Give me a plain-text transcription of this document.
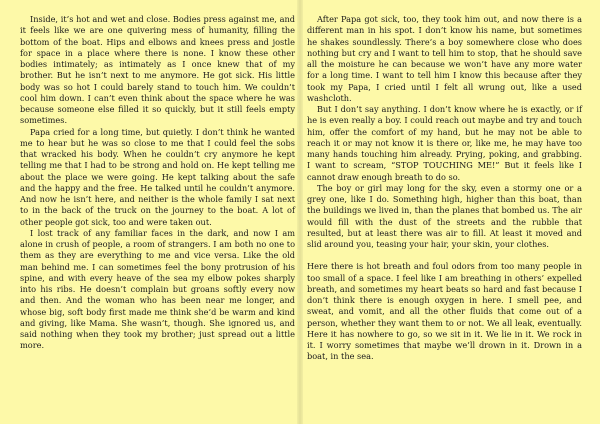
Inside, it’s hot and wet and close. Bodies press against me, and it feels like we are one quivering mess of humanity, filling the bottom of the boat. Hips and elbows and knees press and jostle for space in a place where there is none. I know these other bodies intimately; as intimately as I once knew that of my brother. But he isn’t next to me anymore. He got sick. His little body was so hot I could barely stand to touch him. We couldn’t cool him down. I can’t even think about the space where he was because someone else filled it so quickly, but it still feels empty sometimes.

Papa cried for a long time, but quietly. I don’t think he wanted me to hear but he was so close to me that I could feel the sobs that wracked his body. When he couldn’t cry anymore he kept telling me that I had to be strong and hold on. He kept telling me about the place we were going. He kept talking about the safe and the happy and the free. He talked until he couldn’t anymore. And now he isn’t here, and neither is the whole family I sat next to in the back of the truck on the journey to the boat. A lot of other people got sick, too and were taken out.

I lost track of any familiar faces in the dark, and now I am alone in crush of people, a room of strangers. I am both no one to them as they are everything to me and vice versa. Like the old man behind me. I can sometimes feel the bony protrusion of his spine, and with every heave of the sea my elbow pokes sharply into his ribs. He doesn’t complain but groans softly every now and then. And the woman who has been near me longer, and whose big, soft body first made me think she’d be warm and kind and giving, like Mama. She wasn’t, though. She ignored us, and said nothing when they took my brother; just spread out a little more.

After Papa got sick, too, they took him out, and now there is a different man in his spot. I don’t know his name, but sometimes he shakes soundlessly. There’s a boy somewhere close who does nothing but cry and I want to tell him to stop, that he should save all the moisture he can because we won’t have any more water for a long time. I want to tell him I know this because after they took my Papa, I cried until I felt all wrung out, like a used washcloth.

But I don’t say anything. I don’t know where he is exactly, or if he is even really a boy. I could reach out maybe and try and touch him, offer the comfort of my hand, but he may not be able to reach it or may not know it is there or, like me, he may have too many hands touching him already. Prying, poking, and grabbing. I want to scream, “STOP TOUCHING ME!” But it feels like I cannot draw enough breath to do so.

The boy or girl may long for the sky, even a stormy one or a grey one, like I do. Something high, higher than this boat, than the buildings we lived in, than the planes that bombed us. The air would fill with the dust of the streets and the rubble that resulted, but at least there was air to fill. At least it moved and slid around you, teasing your hair, your skin, your clothes.

Here there is hot breath and foul odors from too many people in too small of a space. I feel like I am breathing in others’ expelled breath, and sometimes my heart beats so hard and fast because I don’t think there is enough oxygen in here. I smell pee, and sweat, and vomit, and all the other fluids that come out of a person, whether they want them to or not. We all leak, eventually. Here it has nowhere to go, so we sit in it. We lie in it. We rock in it. I worry sometimes that maybe we’ll drown in it. Drown in a boat, in the sea.
